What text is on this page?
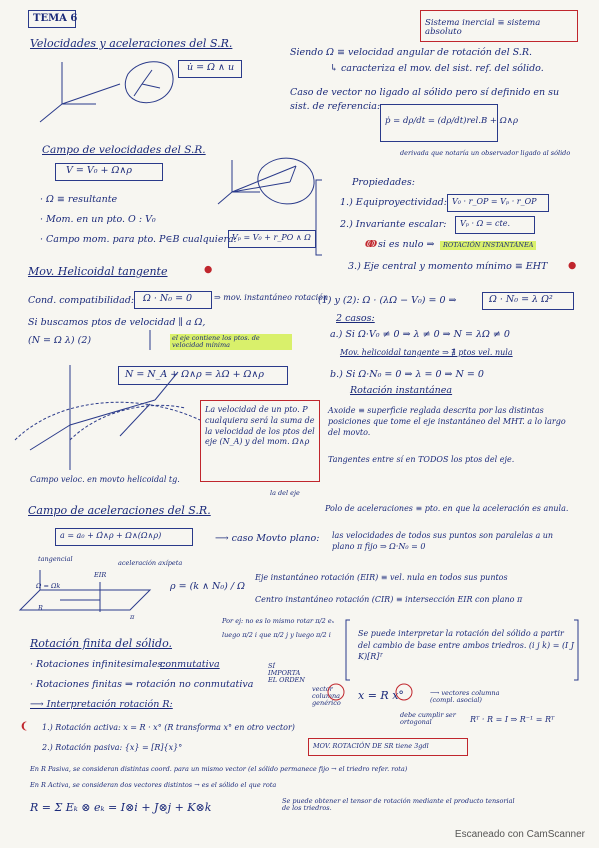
TEMA 6	Sistema inercial ≡ sistema absoluto
Velocidades y aceleraciones del S.R.
u̇ = Ω ∧ u
Siendo Ω ≡ velocidad angular de rotación del S.R.
↳ caracteriza el mov. del sist. ref. del sólido.
Caso de vector no ligado al sólido pero sí definido en su
sist. de referencia:
ṗ = dρ/dt = (dρ/dt)rel.B + Ω∧ρ
derivada que notaría un observador ligado al sólido
Campo de velocidades del S.R.
V = V₀ + Ω∧ρ
· Ω ≡ resultante
· Mom. en un pto. O : V₀
· Campo mom. para pto. P∈B cualquiera:
Vₚ = V₀ + r_PO ∧ Ω
Propiedades:
1.) Equiproyectividad: V₀ · r_OP = Vₚ · r_OP
2.) Invariante escalar: Vₚ · Ω = cte.
ↂ si es nulo ⇒	ROTACIÓN INSTANTÁNEA
3.) Eje central y momento mínimo ≡ EHT ●
Mov. Helicoidal tangente	●
Cond. compatibilidad: Ω · N₀ = 0	⇒ mov. instantáneo rotación
Si buscamos ptos de velocidad ∥ a Ω,
(N = Ω λ) (2)	el eje contiene los ptos. de velocidad mínima
N = N_A + Ω∧ρ = λΩ + Ω∧ρ
(1) y (2): Ω · (λΩ − V₀) = 0 ⇒	Ω · N₀ = λ Ω²
2 casos:
a.) Si Ω·V₀ ≠ 0 ⇒ λ ≠ 0 ⇒ N = λΩ ≠ 0
Mov. helicoidal tangente ⇒ ∄ ptos vel. nula
b.) Si Ω·N₀ = 0 ⇒ λ = 0 ⇒ N = 0
Rotación instantánea
Axoide ≡ superficie reglada descrita por las distintas posiciones que tome el eje instantáneo del MHT. a lo largo del movto.
Tangentes entre sí en TODOS los ptos del eje.
La velocidad de un pto. P cualquiera será la suma de la velocidad de los ptos del eje (N_A) y del mom. Ω∧ρ
la del eje
Campo veloc. en movto helicoidal tg.
Campo de aceleraciones del S.R.	Polo de aceleraciones ≡ pto. en que la aceleración es anula.
a = a₀ + Ω̇∧ρ + Ω∧(Ω∧ρ)
tangencial	aceleración axípeta
⟶ caso Movto plano: las velocidades de todos sus puntos son paralelas a un plano π fijo ⇒ Ω·N₀ = 0
Eje instantáneo rotación (EIR) ≡ vel. nula en todos sus puntos
Centro instantáneo rotación (CIR) ≡ intersección EIR con plano π
ρ = (k ∧ N₀) / Ω
Ω = Ωk
EIR
R
π
Rotación finita del sólido.
· Rotaciones infinitesimales:
conmutativa
· Rotaciones finitas ⇒ rotación no conmutativa
⟶ Interpretación rotación R:
❨ 1.) Rotación activa: x = R · x° (R transforma x° en otro vector)
2.) Rotación pasiva: {x} = [R]{x}°
Por ej: no es lo mismo rotar π/2 eₓ
luego π/2 i que π/2 j y luego π/2 i
SÍ IMPORTA EL ORDEN
Se puede interpretar la rotación del sólido a partir del cambio de base entre ambos triedros. (i j k) = (I J K)[R]ᵀ
vector columna genérico
x = R x°	⟶ vectores columna (compl. asocial)
debe cumplir ser ortogonal	Rᵀ · R = I ⇒ R⁻¹ = Rᵀ
MOV. ROTACIÓN DE SR tiene 3gdl
En R Pasiva, se consideran distintas coord. para un mismo vector (el sólido permanece fijo → el triedro refer. rota)
En R Activa, se consideran dos vectores distintos → es el sólido el que rota
R = Σ Eₖ ⊗ eₖ = I⊗i + J⊗j + K⊗k	Se puede obtener el tensor de rotación mediante el producto tensorial de los triedros.
Escaneado con CamScanner
